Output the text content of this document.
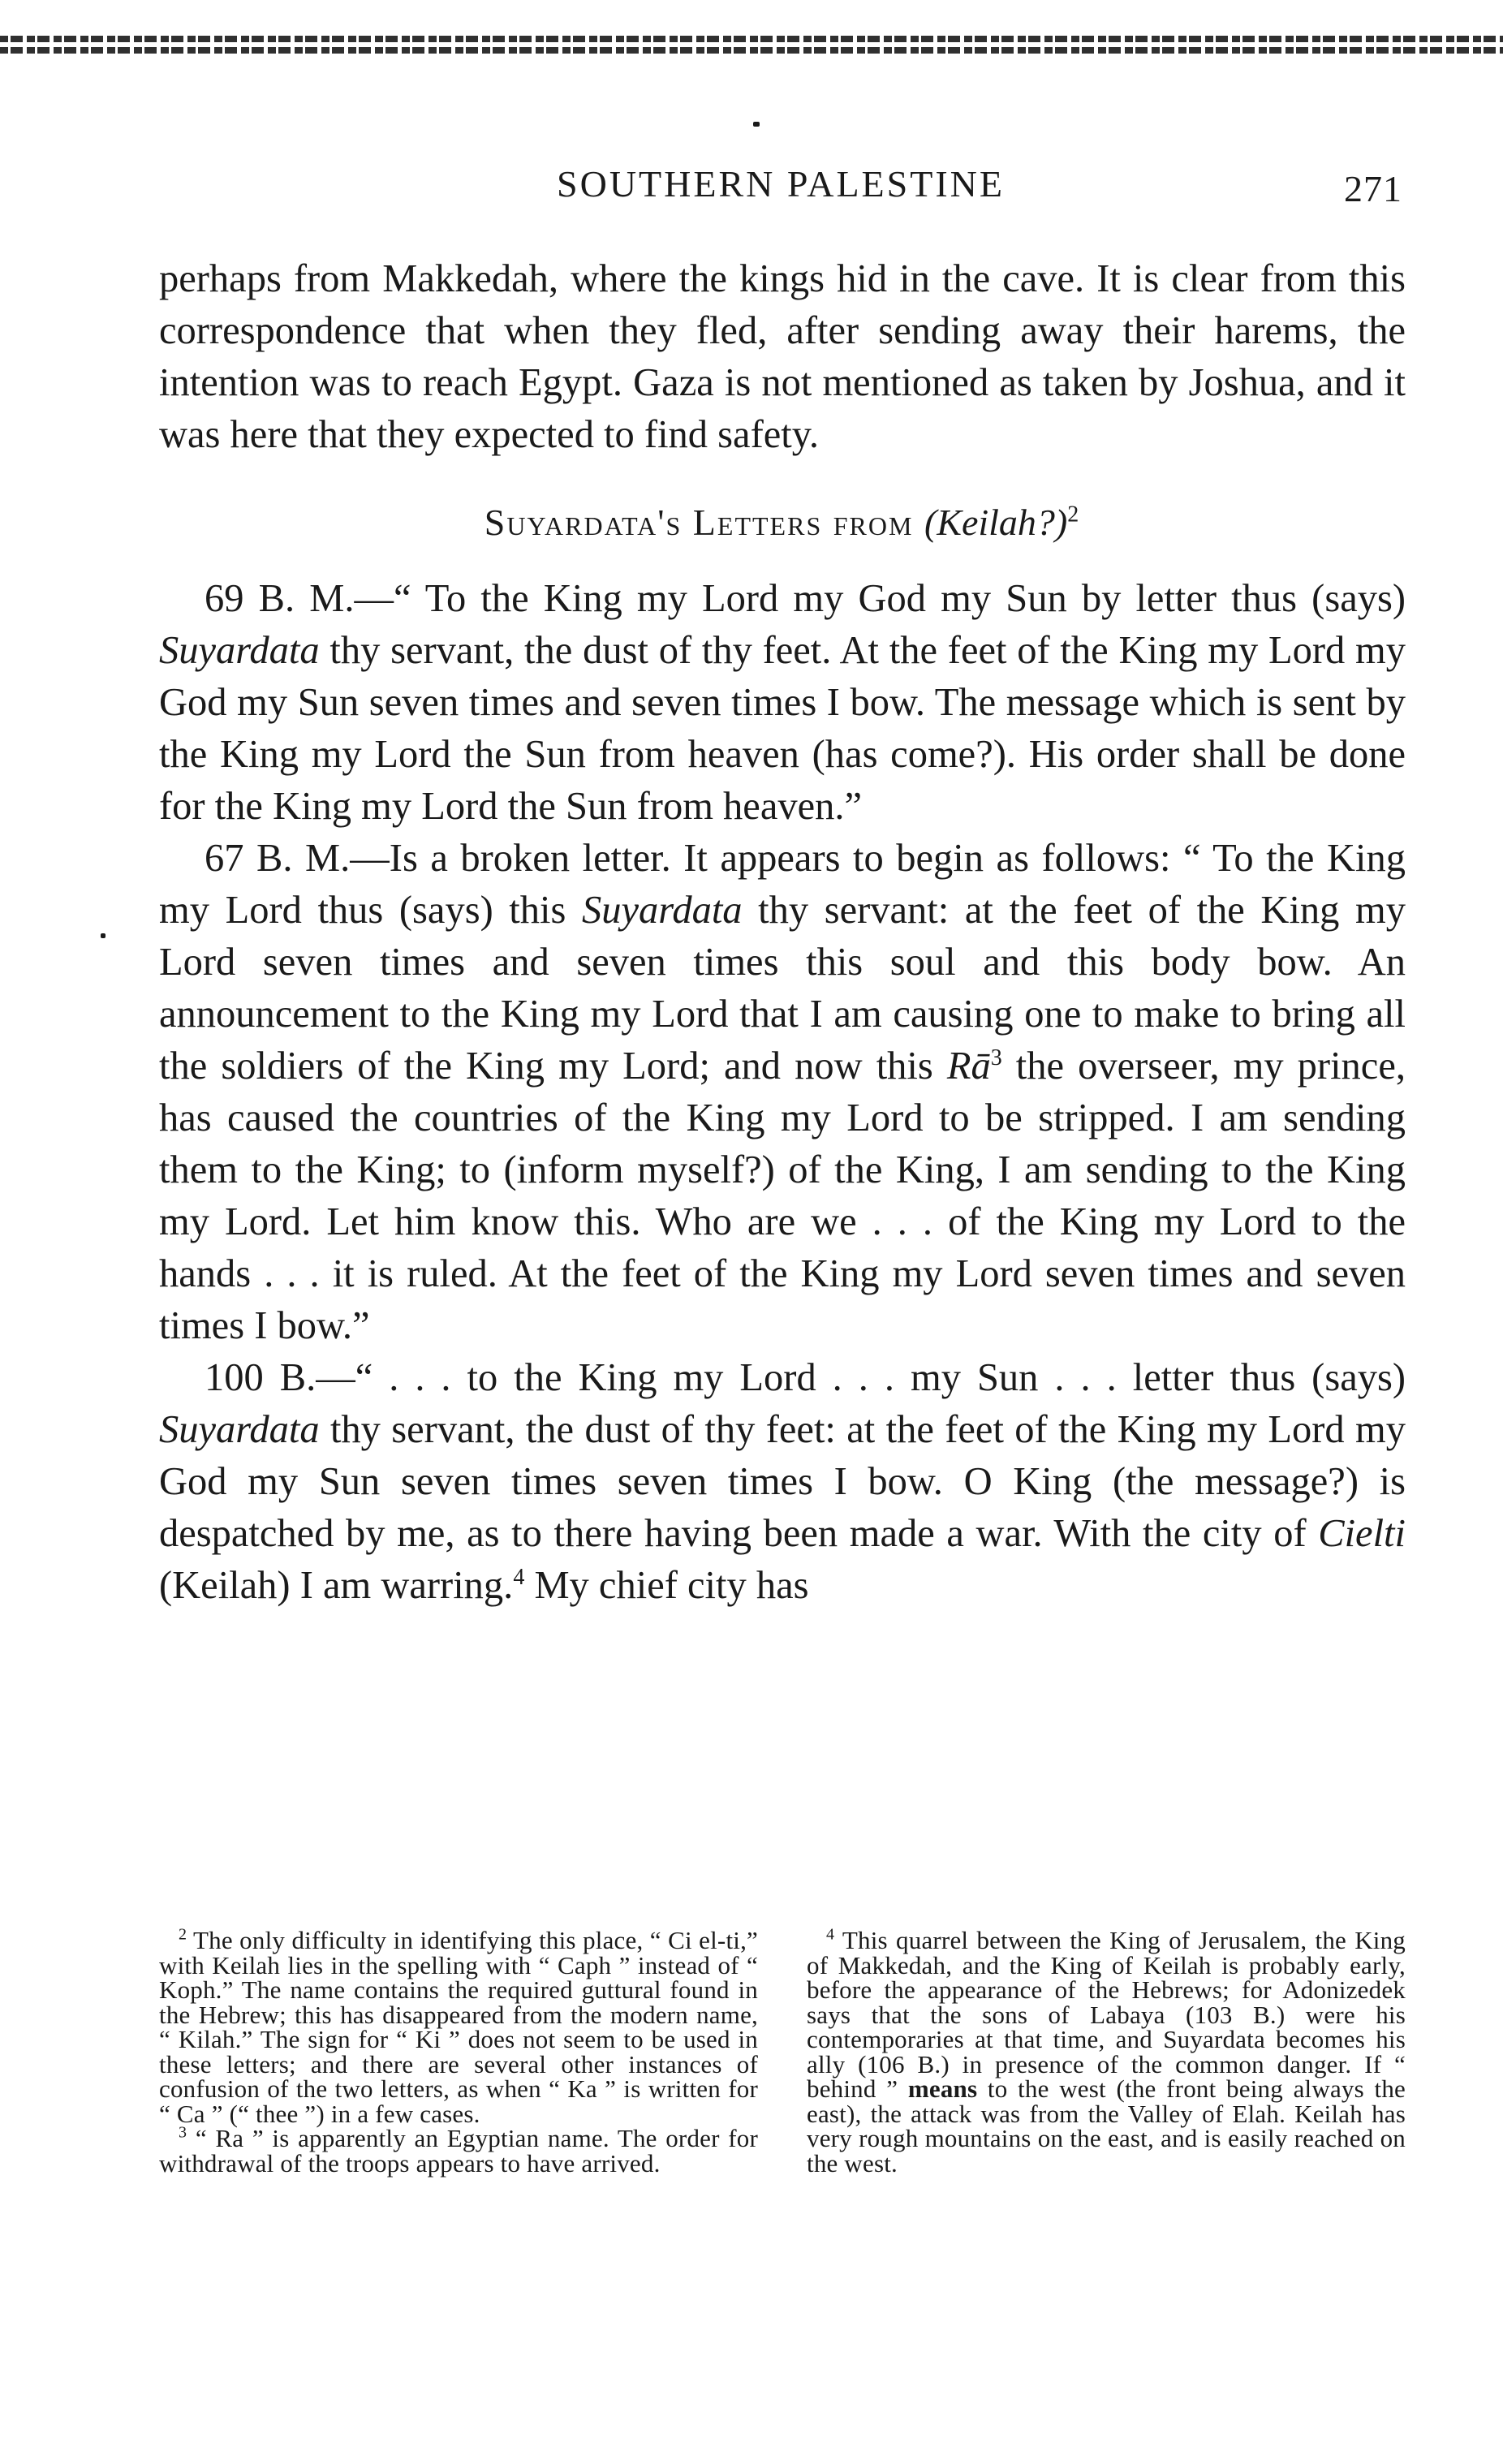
SOUTHERN PALESTINE	271

perhaps from Makkedah, where the kings hid in the cave. It is clear from this correspondence that when they fled, after sending away their harems, the intention was to reach Egypt. Gaza is not mentioned as taken by Joshua, and it was here that they expected to find safety.

Suyardata's Letters from (Keilah?)$^2$

69 B. M.—“ To the King my Lord my God my Sun by letter thus (says) Suyardata thy servant, the dust of thy feet. At the feet of the King my Lord my God my Sun seven times and seven times I bow. The message which is sent by the King my Lord the Sun from heaven (has come?). His order shall be done for the King my Lord the Sun from heaven.”

67 B. M.—Is a broken letter. It appears to begin as follows: “ To the King my Lord thus (says) this Suyardata thy servant: at the feet of the King my Lord seven times and seven times this soul and this body bow. An announcement to the King my Lord that I am causing one to make to bring all the soldiers of the King my Lord; and now this $Rā^3$ the overseer, my prince, has caused the countries of the King my Lord to be stripped. I am sending them to the King; to (inform myself?) of the King, I am sending to the King my Lord. Let him know this. Who are we . . . of the King my Lord to the hands . . . it is ruled. At the feet of the King my Lord seven times and seven times I bow.”

100 B.—“ . . . to the King my Lord . . . my Sun . . . letter thus (says) Suyardata thy servant, the dust of thy feet: at the feet of the King my Lord my God my Sun seven times seven times I bow. O King (the message?) is despatched by me, as to there having been made a war. With the city of Cielti (Keilah) I am warring.$^4$ My chief city has

$^2$ The only difficulty in identifying this place, “ Ci el-ti,” with Keilah lies in the spelling with “ Caph ” instead of “ Koph.” The name contains the required guttural found in the Hebrew; this has disappeared from the modern name, “ Kilah.” The sign for “ Ki ” does not seem to be used in these letters; and there are several other instances of confusion of the two letters, as when “ Ka ” is written for “ Ca ” (“ thee ”) in a few cases.

$^3$ “ Ra ” is apparently an Egyptian name. The order for withdrawal of the troops appears to have arrived.

$^4$ This quarrel between the King of Jerusalem, the King of Makkedah, and the King of Keilah is probably early, before the appearance of the Hebrews; for Adonizedek says that the sons of Labaya (103 B.) were his contemporaries at that time, and Suyardata becomes his ally (106 B.) in presence of the common danger. If “ behind ” means to the west (the front being always the east), the attack was from the Valley of Elah. Keilah has very rough mountains on the east, and is easily reached on the west.
